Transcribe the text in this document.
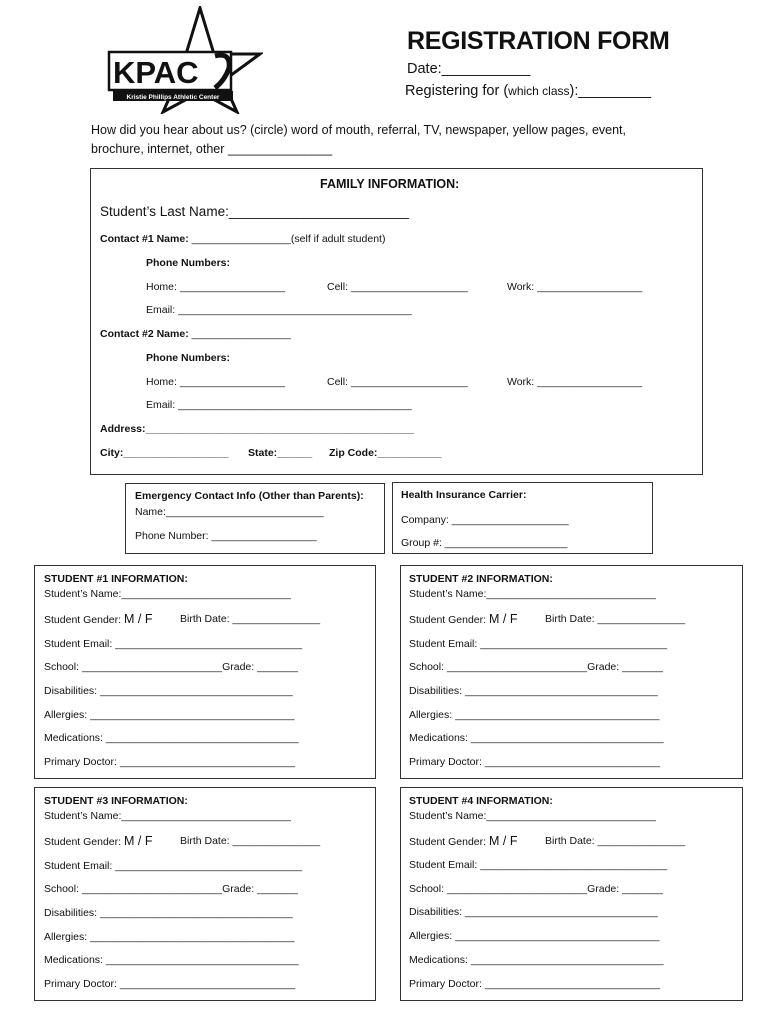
KPAC
Kristie Phillips Athletic Center
REGISTRATION FORM
Date:___________
Registering for (which class):_________
How did you hear about us? (circle) word of mouth, referral, TV, newspaper, yellow pages, event,
brochure, internet, other _______________
FAMILY INFORMATION:
Student’s Last Name:________________________
Contact #1 Name: _________________(self if adult student)
Phone Numbers:
Home: __________________	Cell: ____________________	Work: __________________
Email: ________________________________________
Contact #2 Name: _________________
Phone Numbers:
Home: __________________	Cell: ____________________	Work: __________________
Email: ________________________________________
Address:______________________________________________
City:__________________ State:______ Zip Code:___________
Emergency Contact Info (Other than Parents):
Name:___________________________
Phone Number: __________________
Health Insurance Carrier:
Company: ____________________
Group #: _____________________
STUDENT #1 INFORMATION:
Student’s Name:_____________________________
Student Gender: M / F	Birth Date: _______________
Student Email: ________________________________
School: ________________________Grade: _______
Disabilities: _________________________________
Allergies: ___________________________________
Medications: _________________________________
Primary Doctor: ______________________________
STUDENT #2 INFORMATION:
Student’s Name:_____________________________
Student Gender: M / F	Birth Date: _______________
Student Email: ________________________________
School: ________________________Grade: _______
Disabilities: _________________________________
Allergies: ___________________________________
Medications: _________________________________
Primary Doctor: ______________________________
STUDENT #3 INFORMATION:
Student’s Name:_____________________________
Student Gender: M / F	Birth Date: _______________
Student Email: ________________________________
School: ________________________Grade: _______
Disabilities: _________________________________
Allergies: ___________________________________
Medications: _________________________________
Primary Doctor: ______________________________
STUDENT #4 INFORMATION:
Student’s Name:_____________________________
Student Gender: M / F	Birth Date: _______________
Student Email: ________________________________
School: ________________________Grade: _______
Disabilities: _________________________________
Allergies: ___________________________________
Medications: _________________________________
Primary Doctor: ______________________________
